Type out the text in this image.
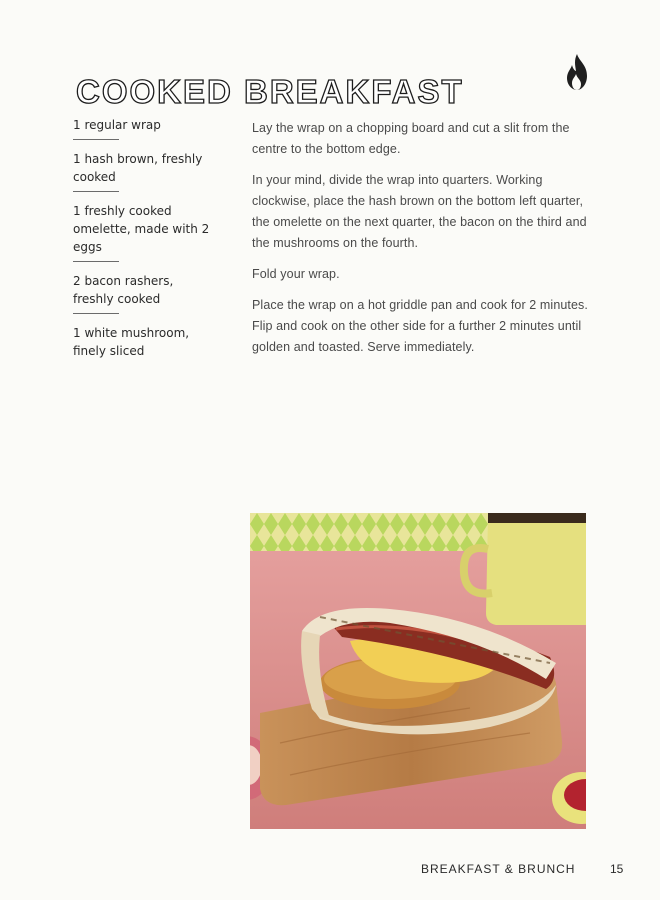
COOKED BREAKFAST
1 regular wrap
1 hash brown, freshly cooked
1 freshly cooked omelette, made with 2 eggs
2 bacon rashers, freshly cooked
1 white mushroom, finely sliced

Lay the wrap on a chopping board and cut a slit from the centre to the bottom edge.

In your mind, divide the wrap into quarters. Working clockwise, place the hash brown on the bottom left quarter, the omelette on the next quarter, the bacon on the third and the mushrooms on the fourth.

Fold your wrap.

Place the wrap on a hot griddle pan and cook for 2 minutes. Flip and cook on the other side for a further 2 minutes until golden and toasted. Serve immediately.

BREAKFAST & BRUNCH	15
